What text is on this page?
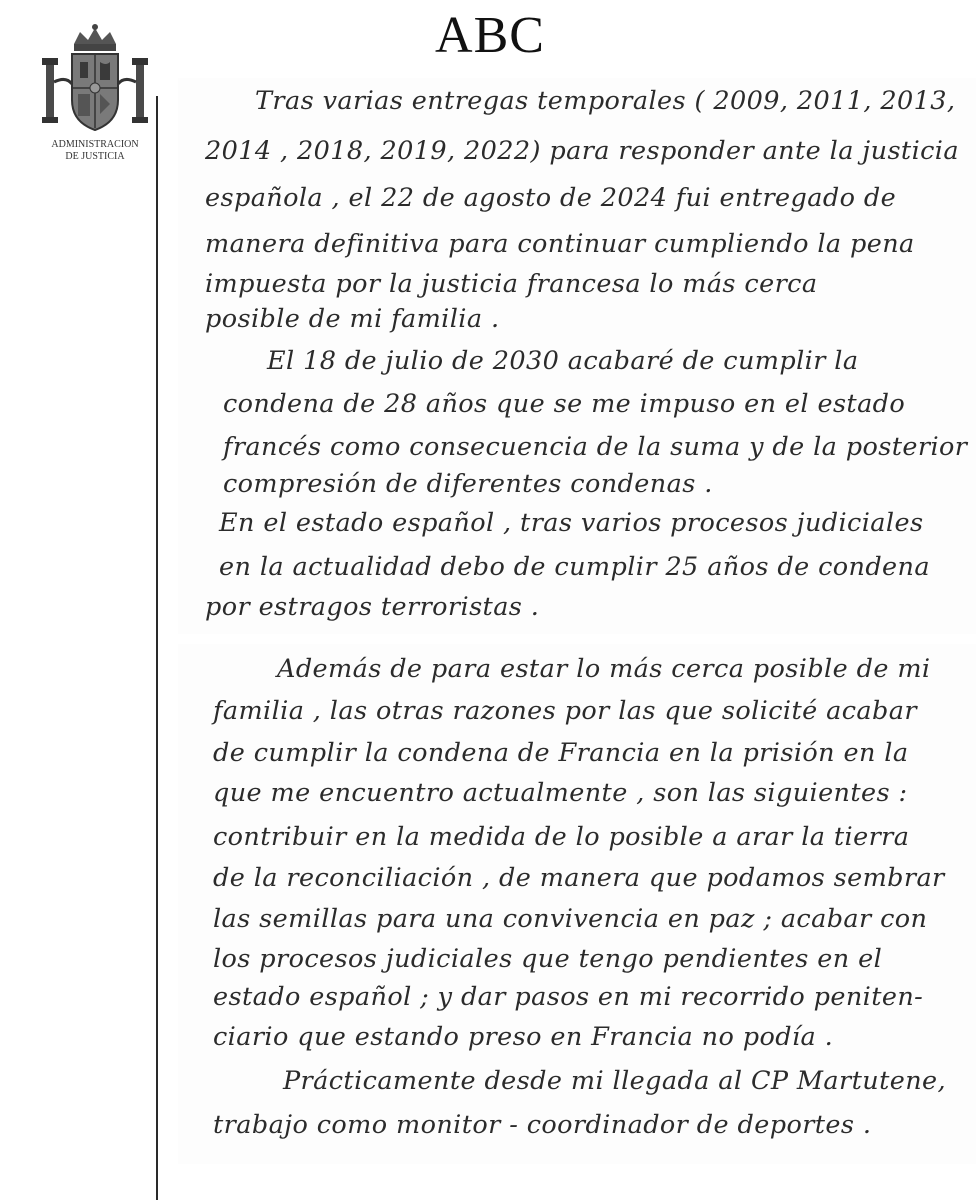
ABC
ADMINISTRACION
DE JUSTICIA
Tras varias entregas temporales ( 2009, 2011, 2013,
2014 , 2018, 2019, 2022) para responder ante la justicia
española , el 22 de agosto de 2024 fui entregado de
manera definitiva para continuar cumpliendo la pena
impuesta por la justicia francesa lo más cerca
posible de mi familia .
El 18 de julio de 2030 acabaré de cumplir la
condena de 28 años que se me impuso en el estado
francés como consecuencia de la suma y de la posterior
compresión de diferentes condenas .
En el estado español , tras varios procesos judiciales
en la actualidad debo de cumplir 25 años de condena
por estragos terroristas .
Además de para estar lo más cerca posible de mi
familia , las otras razones por las que solicité acabar
de cumplir la condena de Francia en la prisión en la
que me encuentro actualmente , son las siguientes :
contribuir en la medida de lo posible a arar la tierra
de la reconciliación , de manera que podamos sembrar
las semillas para una convivencia en paz ; acabar con
los procesos judiciales que tengo pendientes en el
estado español ; y dar pasos en mi recorrido peniten-
ciario que estando preso en Francia no podía .
Prácticamente desde mi llegada al CP Martutene,
trabajo como monitor - coordinador de deportes .
